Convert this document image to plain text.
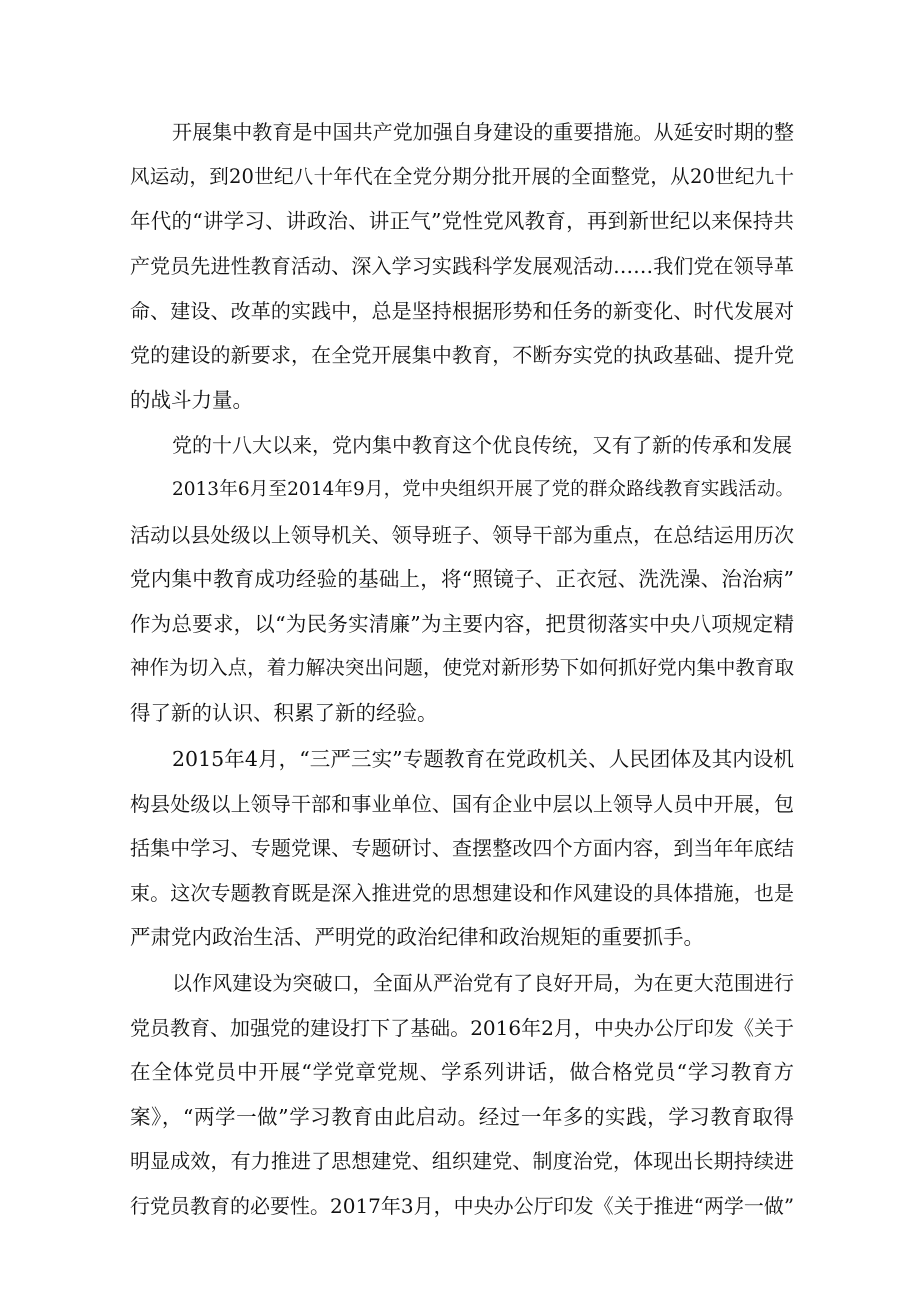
开展集中教育是中国共产党加强自身建设的重要措施。从延安时期的整
风运动，到20世纪八十年代在全党分期分批开展的全面整党，从20世纪九十
年代的“讲学习、讲政治、讲正气”党性党风教育，再到新世纪以来保持共
产党员先进性教育活动、深入学习实践科学发展观活动……我们党在领导革
命、建设、改革的实践中，总是坚持根据形势和任务的新变化、时代发展对
党的建设的新要求，在全党开展集中教育，不断夯实党的执政基础、提升党
的战斗力量。
党的十八大以来，党内集中教育这个优良传统，又有了新的传承和发展
2013年6月至2014年9月，党中央组织开展了党的群众路线教育实践活动。
活动以县处级以上领导机关、领导班子、领导干部为重点，在总结运用历次
党内集中教育成功经验的基础上，将“照镜子、正衣冠、洗洗澡、治治病”
作为总要求，以“为民务实清廉”为主要内容，把贯彻落实中央八项规定精
神作为切入点，着力解决突出问题，使党对新形势下如何抓好党内集中教育取
得了新的认识、积累了新的经验。
2015年4月，“三严三实”专题教育在党政机关、人民团体及其内设机
构县处级以上领导干部和事业单位、国有企业中层以上领导人员中开展，包
括集中学习、专题党课、专题研讨、查摆整改四个方面内容，到当年年底结
束。这次专题教育既是深入推进党的思想建设和作风建设的具体措施，也是
严肃党内政治生活、严明党的政治纪律和政治规矩的重要抓手。
以作风建设为突破口，全面从严治党有了良好开局，为在更大范围进行
党员教育、加强党的建设打下了基础。2016年2月，中央办公厅印发《关于
在全体党员中开展“学党章党规、学系列讲话，做合格党员“学习教育方
案》，“两学一做”学习教育由此启动。经过一年多的实践，学习教育取得
明显成效，有力推进了思想建党、组织建党、制度治党，体现出长期持续进
行党员教育的必要性。2017年3月，中央办公厅印发《关于推进“两学一做”
